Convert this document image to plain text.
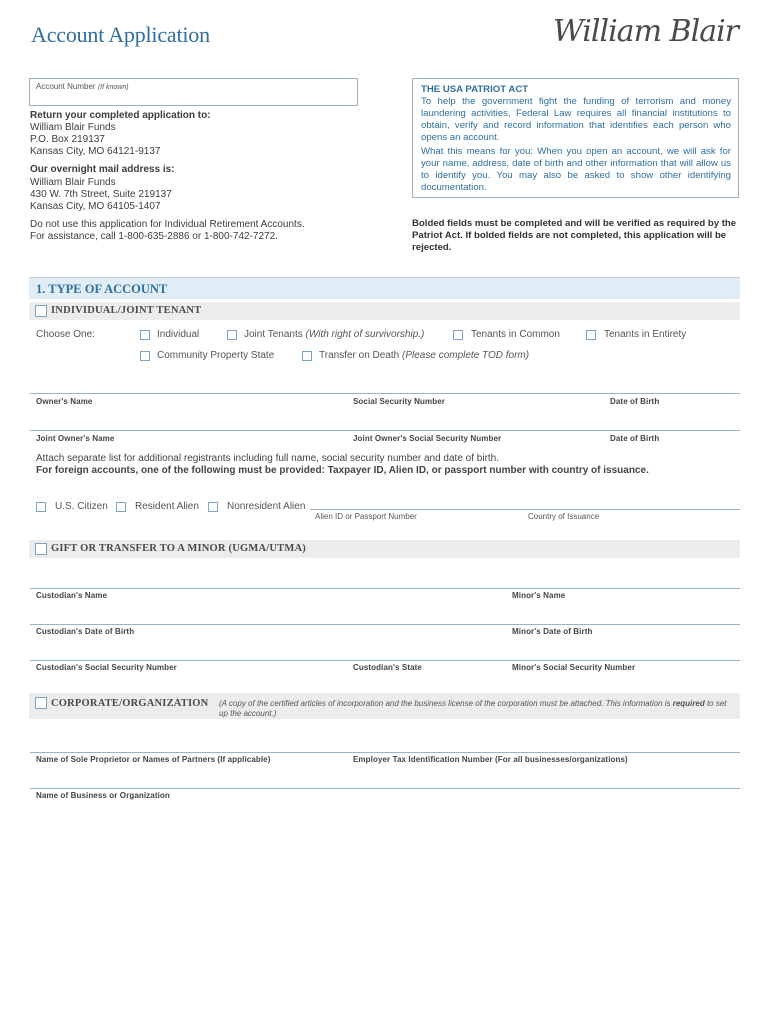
Account Application	William Blair
Account Number (If known)
Return your completed application to:
William Blair Funds
P.O. Box 219137
Kansas City, MO 64121-9137
Our overnight mail address is:
William Blair Funds
430 W. 7th Street, Suite 219137
Kansas City, MO 64105-1407
Do not use this application for Individual Retirement Accounts.
For assistance, call 1-800-635-2886 or 1-800-742-7272.

THE USA PATRIOT ACT

To help the government fight the funding of terrorism and money laundering activities, Federal Law requires all financial institutions to obtain, verify and record information that identifies each person who opens an account.

What this means for you: When you open an account, we will ask for your name, address, date of birth and other information that will allow us to identify you. You may also be asked to show other identifying documentation.

Bolded fields must be completed and will be verified as required by the Patriot Act. If bolded fields are not completed, this application will be rejected.
1. TYPE OF ACCOUNT
INDIVIDUAL/JOINT TENANT
Choose One:	Individual	Joint Tenants (With right of survivorship.)	Tenants in Common	Tenants in Entirety
Community Property State	Transfer on Death (Please complete TOD form)
Owner's Name	Social Security Number	Date of Birth
Joint Owner's Name	Joint Owner's Social Security Number	Date of Birth
Attach separate list for additional registrants including full name, social security number and date of birth.
For foreign accounts, one of the following must be provided: Taxpayer ID, Alien ID, or passport number with country of issuance.
U.S. Citizen	Resident Alien	Nonresident Alien
Alien ID or Passport Number	Country of Issuance
GIFT OR TRANSFER TO A MINOR (UGMA/UTMA)
Custodian's Name	Minor's Name
Custodian's Date of Birth	Minor's Date of Birth
Custodian's Social Security Number	Custodian's State	Minor's Social Security Number
CORPORATE/ORGANIZATION (A copy of the certified articles of incorporation and the business license of the corporation must be attached. This information is required to set up the account.)
Name of Sole Proprietor or Names of Partners (If applicable)	Employer Tax Identification Number (For all businesses/organizations)
Name of Business or Organization
